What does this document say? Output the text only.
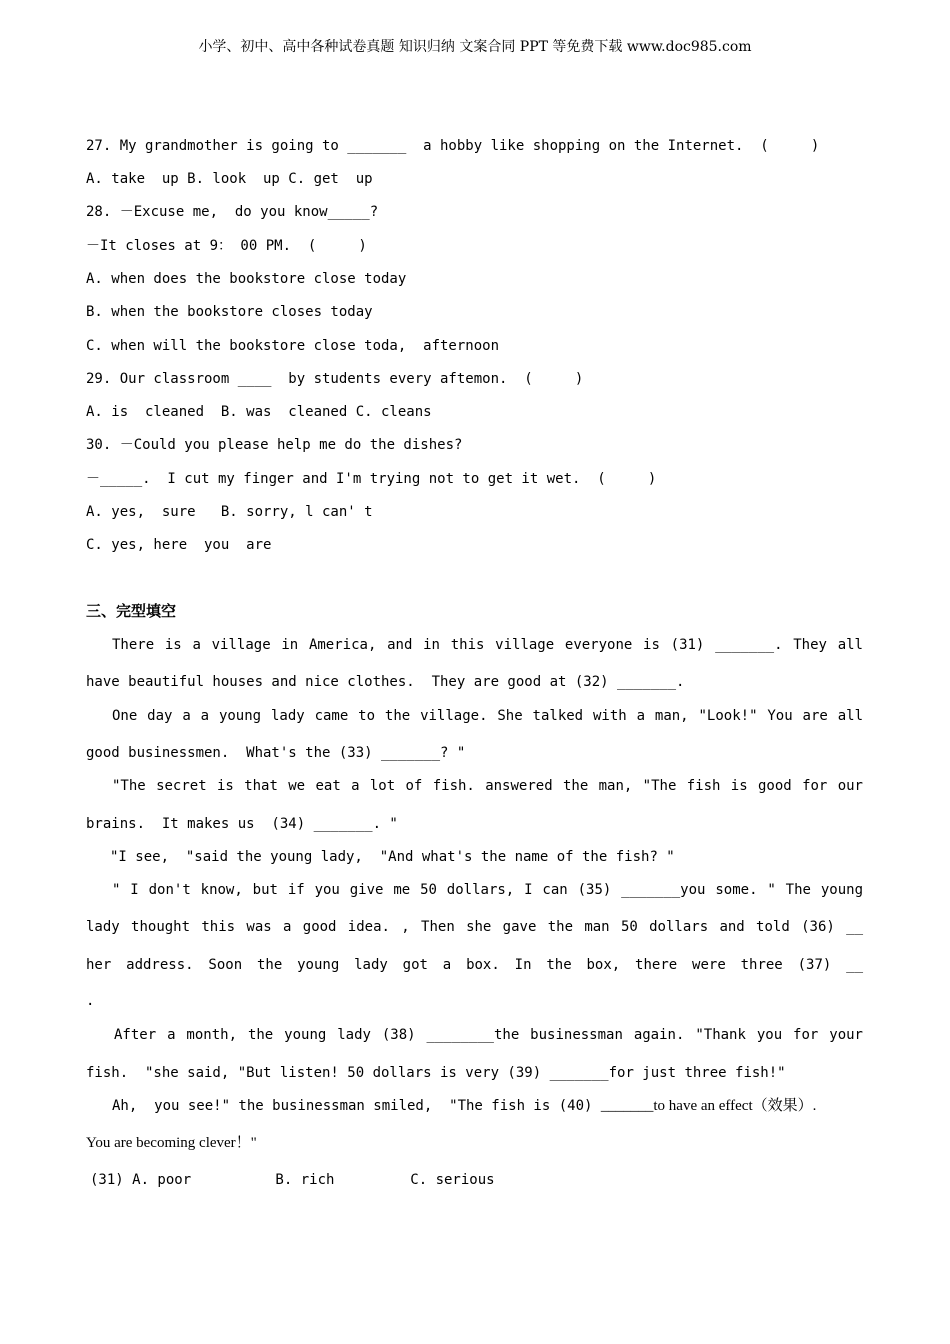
小学、初中、高中各种试卷真题 知识归纳 文案合同 PPT 等免费下载 www.doc985.com
27. My grandmother is going to _______  a hobby like shopping on the Internet.  (     )
A. take  up B. look  up C. get  up
28. －Excuse me,  do you know_____?
－It closes at 9： 00 PM.  (     )
A. when does the bookstore close today
B. when the bookstore closes today
C. when will the bookstore close toda,  afternoon
29. Our classroom ____  by students every aftemon.  (     )
A. is  cleaned  B. was  cleaned C. cleans
30. －Could you please help me do the dishes?
－_____.  I cut my finger and I'm trying not to get it wet.  (     )
A. yes,  sure   B. sorry, l can' t
C. yes, here  you  are
三、完型填空
There is a village in America, and in this village everyone is (31) _______. They all
have beautiful houses and nice clothes.  They are good at (32) _______.
One day a a young lady came to the village. She talked with a man, "Look!" You are all
good businessmen.  What's the (33) _______? "
"The secret is that we eat a lot of fish. answered the man, "The fish is good for our
brains.  It makes us  (34) _______. "
"I see,  "said the young lady,  "And what's the name of the fish? "
" I don't know, but if you give me 50 dollars, I can (35) _______you some. " The young
lady thought this was a good idea. , Then she gave the man 50 dollars and told (36) __
her address. Soon the young lady got a box. In the box, there were three (37) __
.
After a month, the young lady (38) ________the businessman again. "Thank you for your
fish.  "she said, "But listen! 50 dollars is very (39) _______for just three fish!"
Ah,  you see!" the businessman smiled,  "The fish is (40) _______to have an effect（效果）.
You are becoming clever！"
(31) A. poor          B. rich         C. serious
